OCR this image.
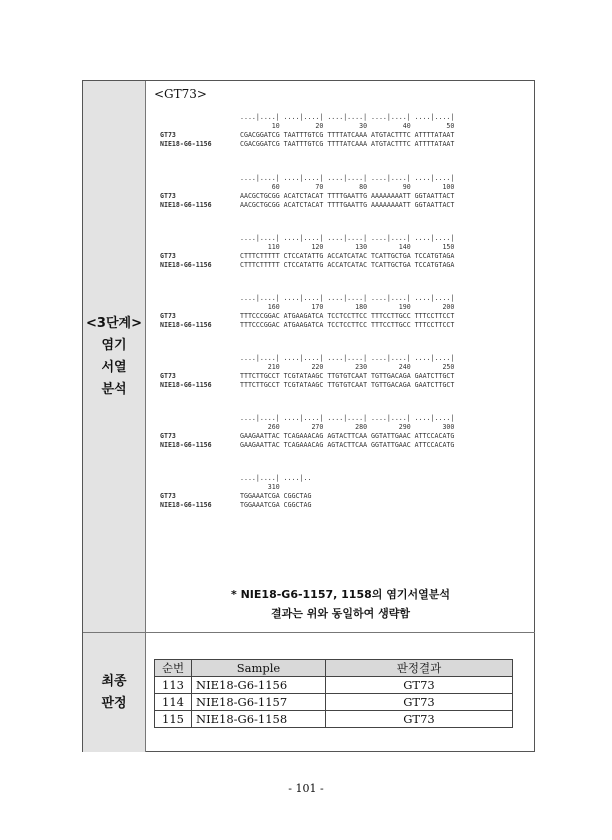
<3단계>
염기
서열
분석
최종
판정
<GT73>

....|....| ....|....| ....|....| ....|....| ....|....|

10         20         30         40         50

GT73	CGACGGATCG TAATTTGTCG TTTTATCAAA ATGTACTTTC ATTTTATAAT

NIE18-G6-1156	CGACGGATCG TAATTTGTCG TTTTATCAAA ATGTACTTTC ATTTTATAAT

....|....| ....|....| ....|....| ....|....| ....|....|

60         70         80         90        100

GT73	AACGCTGCGG ACATCTACAT TTTTGAATTG AAAAAAAATT GGTAATTACT

NIE18-G6-1156	AACGCTGCGG ACATCTACAT TTTTGAATTG AAAAAAAATT GGTAATTACT

....|....| ....|....| ....|....| ....|....| ....|....|

110        120        130        140        150

GT73	CTTTCTTTTT CTCCATATTG ACCATCATAC TCATTGCTGA TCCATGTAGA

NIE18-G6-1156	CTTTCTTTTT CTCCATATTG ACCATCATAC TCATTGCTGA TCCATGTAGA

....|....| ....|....| ....|....| ....|....| ....|....|

160        170        180        190        200

GT73	TTTCCCGGAC ATGAAGATCA TCCTCCTTCC TTTCCTTGCC TTTCCTTCCT

NIE18-G6-1156	TTTCCCGGAC ATGAAGATCA TCCTCCTTCC TTTCCTTGCC TTTCCTTCCT

....|....| ....|....| ....|....| ....|....| ....|....|

210        220        230        240        250

GT73	TTTCTTGCCT TCGTATAAGC TTGTGTCAAT TGTTGACAGA GAATCTTGCT

NIE18-G6-1156	TTTCTTGCCT TCGTATAAGC TTGTGTCAAT TGTTGACAGA GAATCTTGCT

....|....| ....|....| ....|....| ....|....| ....|....|

260        270        280        290        300

GT73	GAAGAATTAC TCAGAAACAG AGTACTTCAA GGTATTGAAC ATTCCACATG

NIE18-G6-1156	GAAGAATTAC TCAGAAACAG AGTACTTCAA GGTATTGAAC ATTCCACATG

....|....| ....|..

310

GT73	TGGAAATCGA CGGCTAG

NIE18-G6-1156	TGGAAATCGA CGGCTAG

* NIE18-G6-1157, 1158의 염기서열분석
결과는 위와 동일하여 생략함
순번	Sample	판정결과
113	NIE18-G6-1156	GT73
114	NIE18-G6-1157	GT73
115	NIE18-G6-1158	GT73
- 101 -
